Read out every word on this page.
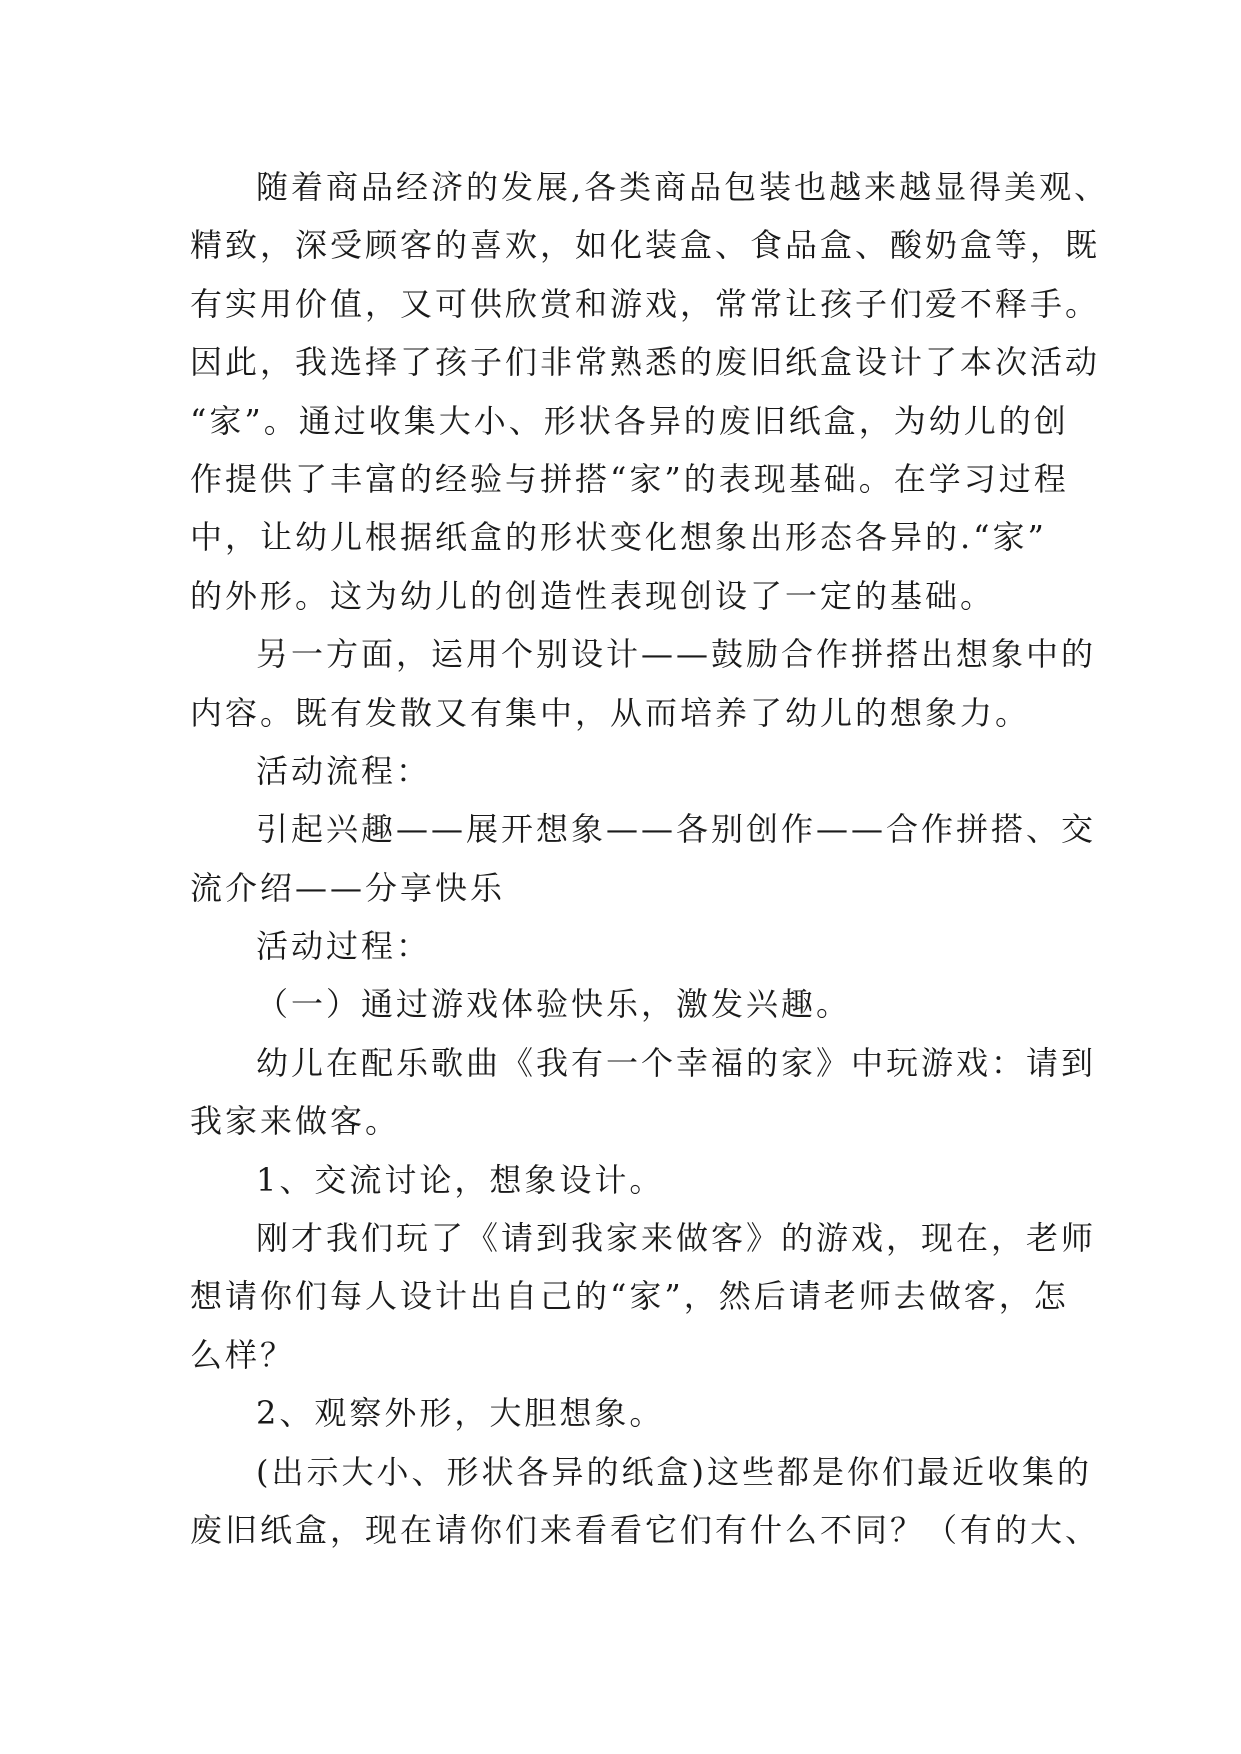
随着商品经济的发展,各类商品包装也越来越显得美观、
精致，深受顾客的喜欢，如化装盒、食品盒、酸奶盒等，既
有实用价值，又可供欣赏和游戏，常常让孩子们爱不释手。
因此，我选择了孩子们非常熟悉的废旧纸盒设计了本次活动
“家”。通过收集大小、形状各异的废旧纸盒，为幼儿的创
作提供了丰富的经验与拼搭“家”的表现基础。在学习过程
中，让幼儿根据纸盒的形状变化想象出形态各异的.“家”
的外形。这为幼儿的创造性表现创设了一定的基础。
另一方面，运用个别设计——鼓励合作拼搭出想象中的
内容。既有发散又有集中，从而培养了幼儿的想象力。
活动流程：
引起兴趣——展开想象——各别创作——合作拼搭、交
流介绍——分享快乐
活动过程：
（一）通过游戏体验快乐，激发兴趣。
幼儿在配乐歌曲《我有一个幸福的家》中玩游戏：请到
我家来做客。
1、交流讨论，想象设计。
刚才我们玩了《请到我家来做客》的游戏，现在，老师
想请你们每人设计出自己的“家”，然后请老师去做客，怎
么样？
2、观察外形，大胆想象。
(出示大小、形状各异的纸盒)这些都是你们最近收集的
废旧纸盒，现在请你们来看看它们有什么不同？（有的大、
